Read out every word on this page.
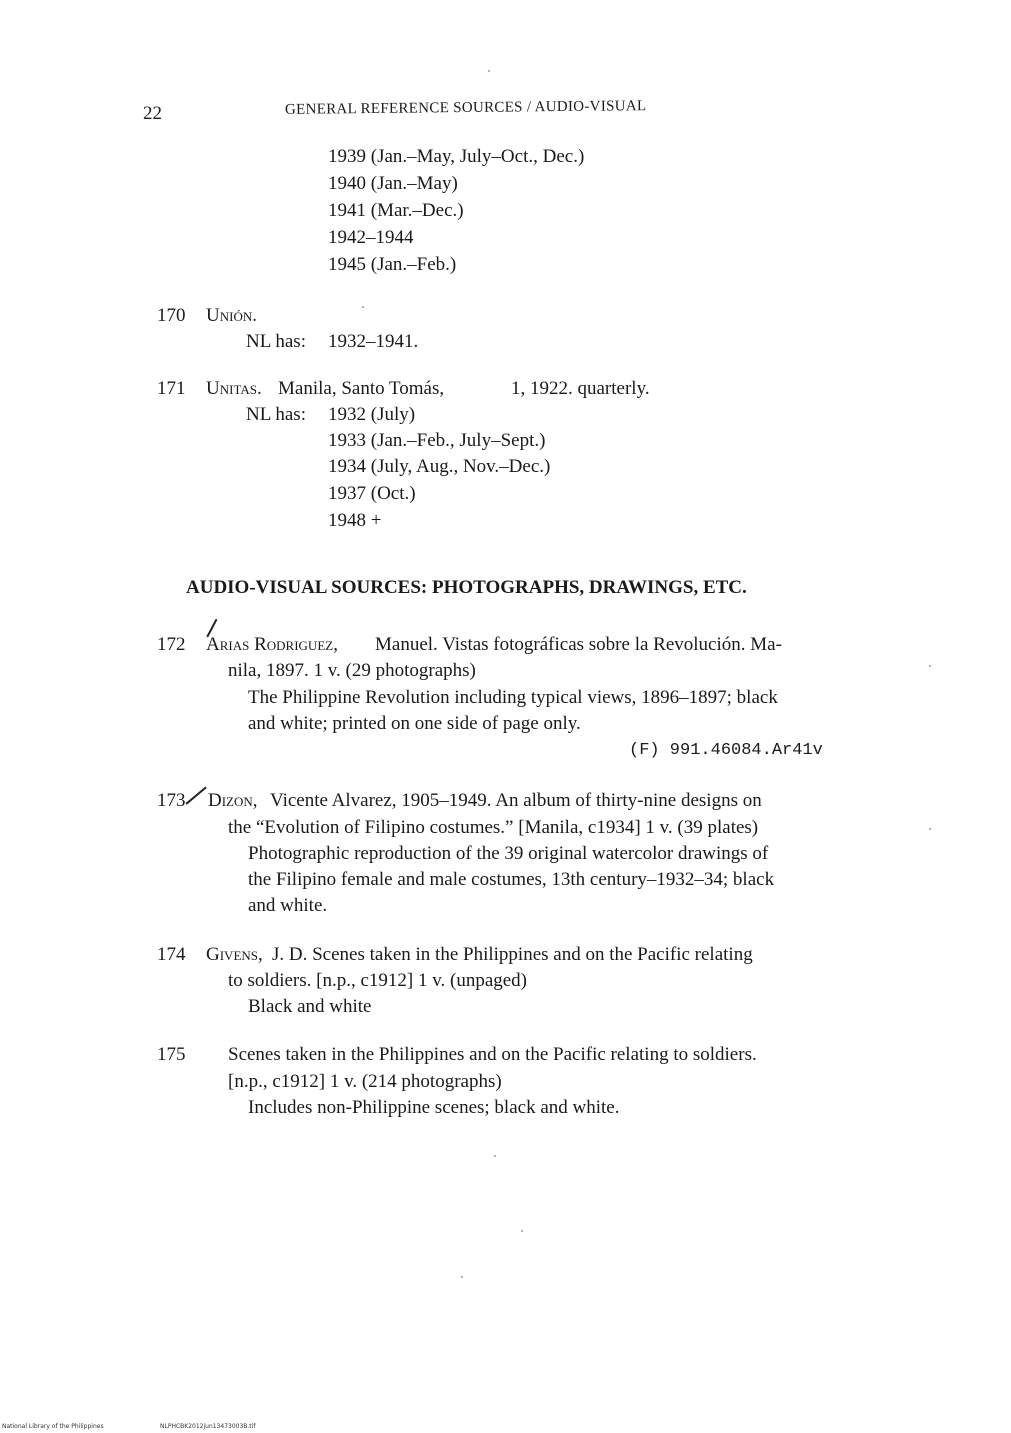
22	GENERAL REFERENCE SOURCES / AUDIO-VISUAL
1939 (Jan.–May, July–Oct., Dec.)
1940 (Jan.–May)
1941 (Mar.–Dec.)
1942–1944
1945 (Jan.–Feb.)
170 Unión.
NL has: 1932–1941.
171 Unitas. Manila, Santo Tomás,	1, 1922. quarterly.
NL has: 1932 (July)
1933 (Jan.–Feb., July–Sept.)
1934 (July, Aug., Nov.–Dec.)
1937 (Oct.)
1948 +
AUDIO-VISUAL SOURCES: PHOTOGRAPHS, DRAWINGS, ETC.
172 Arias Rodriguez, Manuel. Vistas fotográficas sobre la Revolución. Ma-
nila, 1897. 1 v. (29 photographs)
The Philippine Revolution including typical views, 1896–1897; black
and white; printed on one side of page only.
(F) 991.46084.Ar41v
173 Dizon, Vicente Alvarez, 1905–1949. An album of thirty-nine designs on
the “Evolution of Filipino costumes.” [Manila, c1934] 1 v. (39 plates)
Photographic reproduction of the 39 original watercolor drawings of
the Filipino female and male costumes, 13th century–1932–34; black
and white.
174 Givens, J. D. Scenes taken in the Philippines and on the Pacific relating
to soldiers. [n.p., c1912] 1 v. (unpaged)
Black and white
175 Scenes taken in the Philippines and on the Pacific relating to soldiers.
[n.p., c1912] 1 v. (214 photographs)
Includes non-Philippine scenes; black and white.
National Library of the Philippines	NLPHCBK2012jun13473003B.tif
